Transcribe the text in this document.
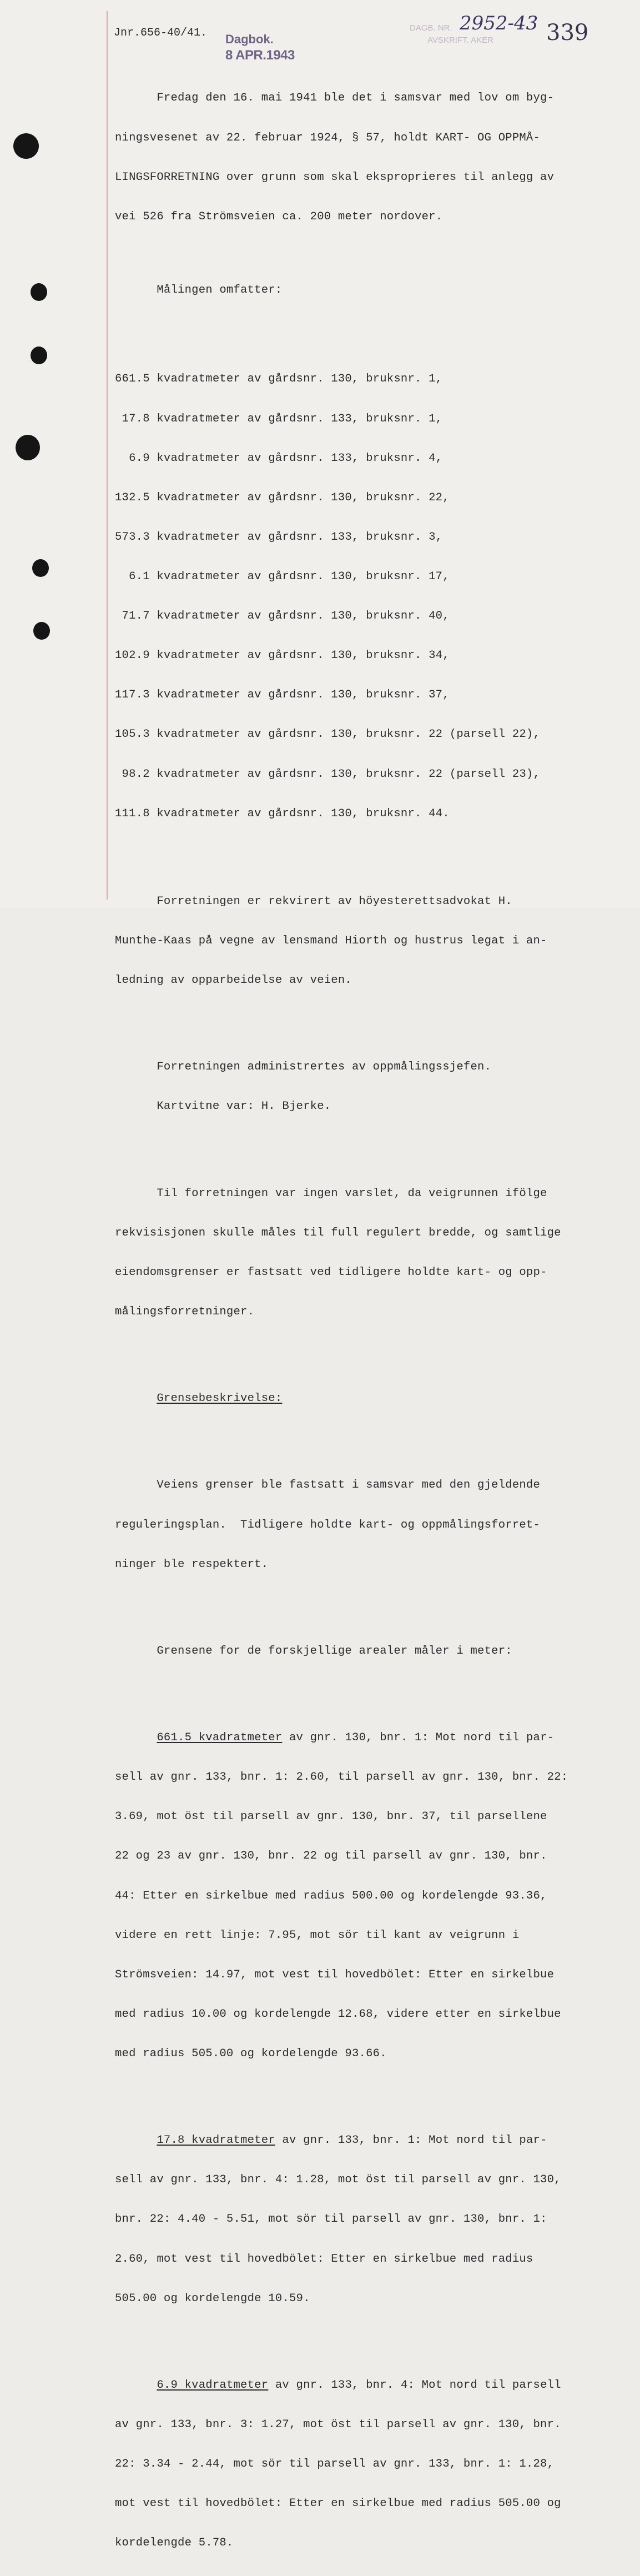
Jnr.656-40/41. Dagbok.
8 APR.1943
DAGB. NR.
AVSKRIFT. AKER
2952-43 339

Fredag den 16. mai 1941 ble det i samsvar med lov om byg-

ningsvesenet av 22. februar 1924, § 57, holdt KART- OG OPPMÅ-

LINGSFORRETNING over grunn som skal eksproprieres til anlegg av

vei 526 fra Strömsveien ca. 200 meter nordover.

Målingen omfatter:

661.5 kvadratmeter av gårdsnr. 130, bruksnr. 1,

17.8 kvadratmeter av gårdsnr. 133, bruksnr. 1,

6.9 kvadratmeter av gårdsnr. 133, bruksnr. 4,

132.5 kvadratmeter av gårdsnr. 130, bruksnr. 22,

573.3 kvadratmeter av gårdsnr. 133, bruksnr. 3,

6.1 kvadratmeter av gårdsnr. 130, bruksnr. 17,

71.7 kvadratmeter av gårdsnr. 130, bruksnr. 40,

102.9 kvadratmeter av gårdsnr. 130, bruksnr. 34,

117.3 kvadratmeter av gårdsnr. 130, bruksnr. 37,

105.3 kvadratmeter av gårdsnr. 130, bruksnr. 22 (parsell 22),

98.2 kvadratmeter av gårdsnr. 130, bruksnr. 22 (parsell 23),

111.8 kvadratmeter av gårdsnr. 130, bruksnr. 44.

Forretningen er rekvirert av höyesterettsadvokat H.

Munthe-Kaas på vegne av lensmand Hiorth og hustrus legat i an-

ledning av opparbeidelse av veien.

Forretningen administrertes av oppmålingssjefen.

Kartvitne var: H. Bjerke.

Til forretningen var ingen varslet, da veigrunnen ifölge

rekvisisjonen skulle måles til full regulert bredde, og samtlige

eiendomsgrenser er fastsatt ved tidligere holdte kart- og opp-

målingsforretninger.

Grensebeskrivelse:

Veiens grenser ble fastsatt i samsvar med den gjeldende

reguleringsplan.  Tidligere holdte kart- og oppmålingsforret-

ninger ble respektert.

Grensene for de forskjellige arealer måler i meter:

661.5 kvadratmeter av gnr. 130, bnr. 1: Mot nord til par-

sell av gnr. 133, bnr. 1: 2.60, til parsell av gnr. 130, bnr. 22:

3.69, mot öst til parsell av gnr. 130, bnr. 37, til parsellene

22 og 23 av gnr. 130, bnr. 22 og til parsell av gnr. 130, bnr.

44: Etter en sirkelbue med radius 500.00 og kordelengde 93.36,

videre en rett linje: 7.95, mot sör til kant av veigrunn i

Strömsveien: 14.97, mot vest til hovedbölet: Etter en sirkelbue

med radius 10.00 og kordelengde 12.68, videre etter en sirkelbue

med radius 505.00 og kordelengde 93.66.

17.8 kvadratmeter av gnr. 133, bnr. 1: Mot nord til par-

sell av gnr. 133, bnr. 4: 1.28, mot öst til parsell av gnr. 130,

bnr. 22: 4.40 - 5.51, mot sör til parsell av gnr. 130, bnr. 1:

2.60, mot vest til hovedbölet: Etter en sirkelbue med radius

505.00 og kordelengde 10.59.

6.9 kvadratmeter av gnr. 133, bnr. 4: Mot nord til parsell

av gnr. 133, bnr. 3: 1.27, mot öst til parsell av gnr. 130, bnr.

22: 3.34 - 2.44, mot sör til parsell av gnr. 133, bnr. 1: 1.28,

mot vest til hovedbölet: Etter en sirkelbue med radius 505.00 og

kordelengde 5.78.
